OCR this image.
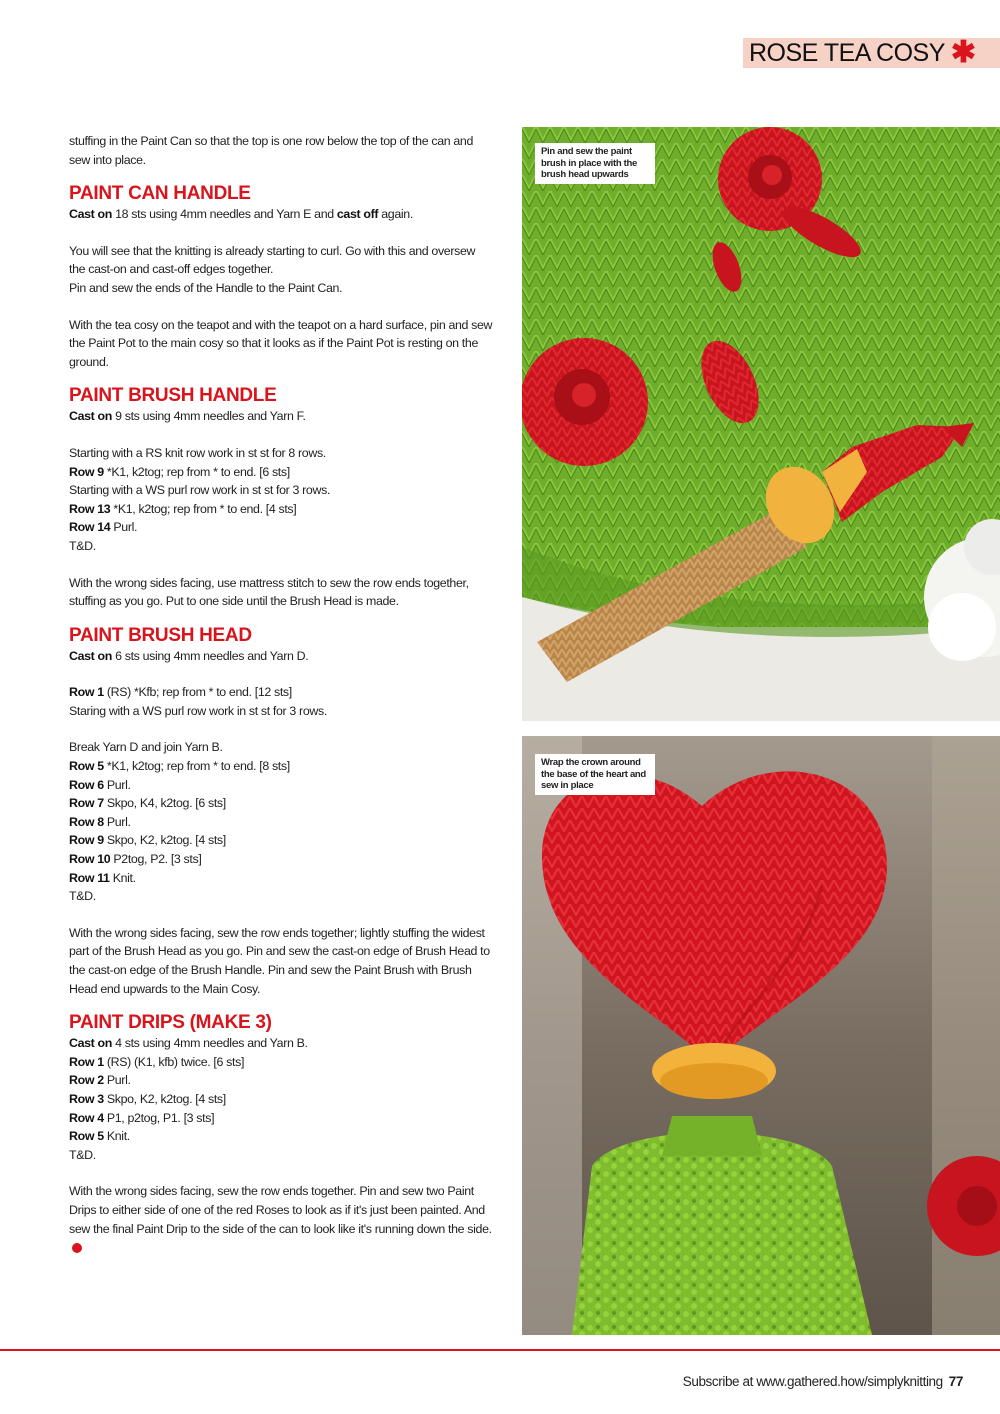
ROSE TEA COSY ✱

stuffing in the Paint Can so that the top is one row below the top of the can and sew into place.

PAINT CAN HANDLE

Cast on 18 sts using 4mm needles and Yarn E and cast off again.

You will see that the knitting is already starting to curl. Go with this and oversew the cast-on and cast-off edges together.

Pin and sew the ends of the Handle to the Paint Can.

With the tea cosy on the teapot and with the teapot on a hard surface, pin and sew the Paint Pot to the main cosy so that it looks as if the Paint Pot is resting on the ground.

PAINT BRUSH HANDLE

Cast on 9 sts using 4mm needles and Yarn F.

Starting with a RS knit row work in st st for 8 rows.

Row 9 *K1, k2tog; rep from * to end. [6 sts]

Starting with a WS purl row work in st st for 3 rows.

Row 13 *K1, k2tog; rep from * to end. [4 sts]

Row 14 Purl.

T&D.

With the wrong sides facing, use mattress stitch to sew the row ends together, stuffing as you go. Put to one side until the Brush Head is made.

PAINT BRUSH HEAD

Cast on 6 sts using 4mm needles and Yarn D.

Row 1 (RS) *Kfb; rep from * to end. [12 sts]

Staring with a WS purl row work in st st for 3 rows.

Break Yarn D and join Yarn B.

Row 5 *K1, k2tog; rep from * to end. [8 sts]

Row 6 Purl.

Row 7 Skpo, K4, k2tog. [6 sts]

Row 8 Purl.

Row 9 Skpo, K2, k2tog. [4 sts]

Row 10 P2tog, P2. [3 sts]

Row 11 Knit.

T&D.

With the wrong sides facing, sew the row ends together; lightly stuffing the widest part of the Brush Head as you go. Pin and sew the cast-on edge of Brush Head to the cast-on edge of the Brush Handle. Pin and sew the Paint Brush with Brush Head end upwards to the Main Cosy.

PAINT DRIPS (MAKE 3)

Cast on 4 sts using 4mm needles and Yarn B.

Row 1 (RS) (K1, kfb) twice. [6 sts]

Row 2 Purl.

Row 3 Skpo, K2, k2tog. [4 sts]

Row 4 P1, p2tog, P1. [3 sts]

Row 5 Knit.

T&D.

With the wrong sides facing, sew the row ends together. Pin and sew two Paint Drips to either side of one of the red Roses to look as if it's just been painted. And sew the final Paint Drip to the side of the can to look like it's running down the side.

Pin and sew the paint brush in place with the brush head upwards
Wrap the crown around the base of the heart and sew in place
Subscribe at www.gathered.how/simplyknitting 77
